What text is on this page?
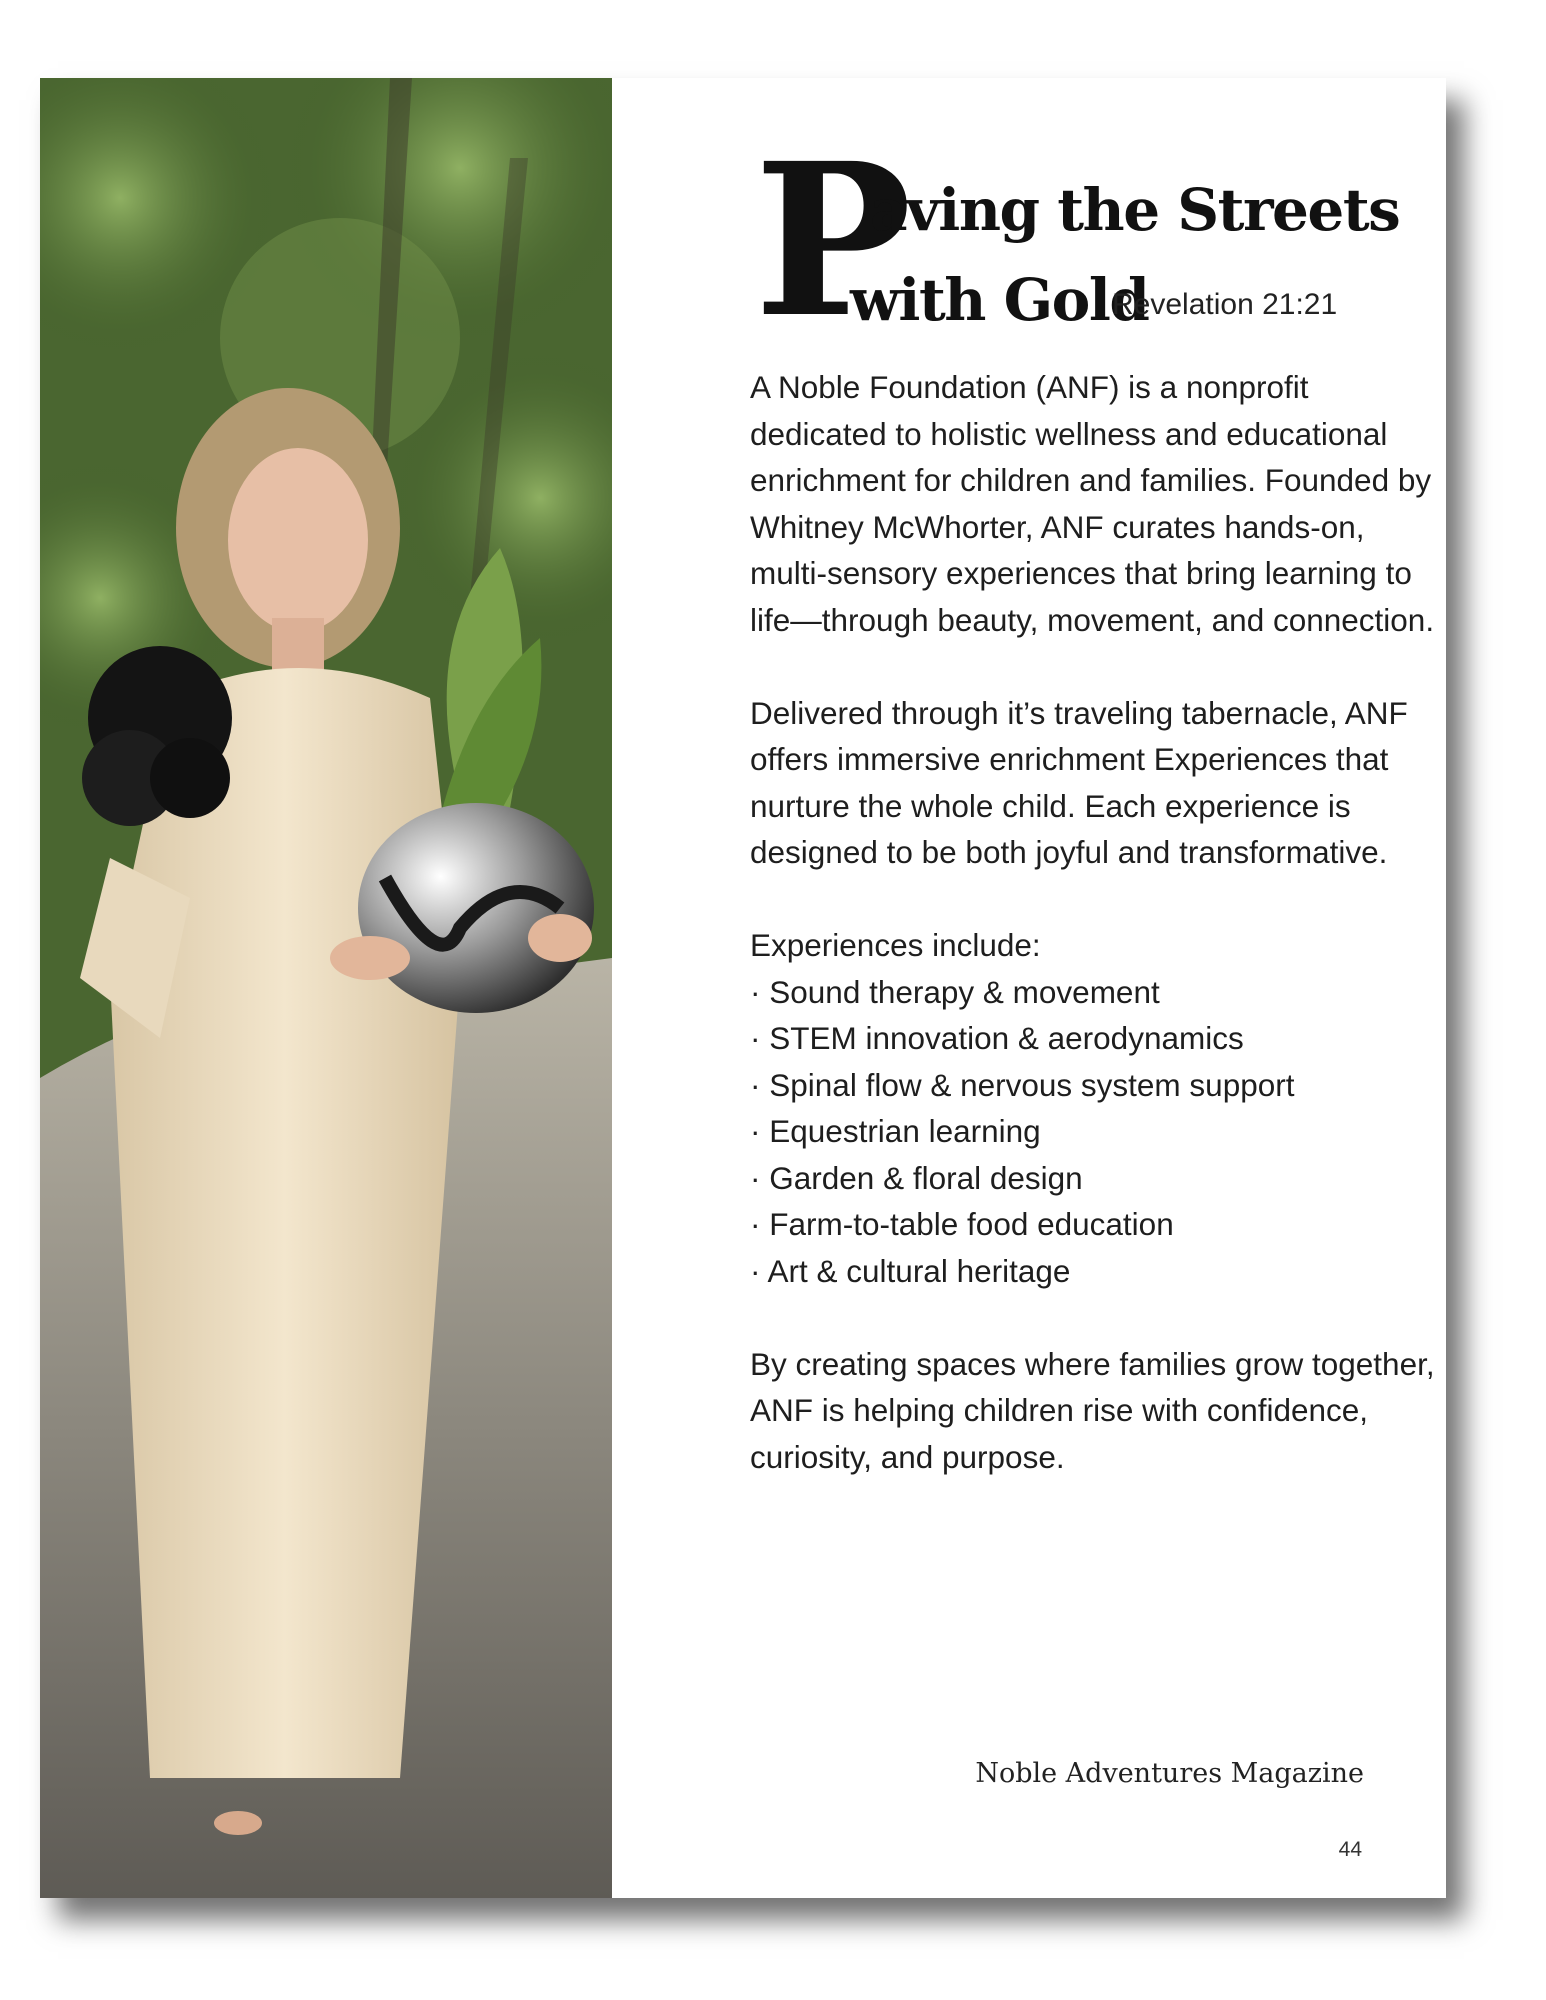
P
aving the Streets
with Gold
Revelation 21:21

A Noble Foundation (ANF) is a nonprofit dedicated to holistic wellness and educational enrichment for children and families. Founded by Whitney McWhorter, ANF curates hands-on, multi-sensory experiences that bring learning to life—through beauty, movement, and connection.

Delivered through it’s traveling tabernacle, ANF offers immersive enrichment Experiences that nurture the whole child. Each experience is designed to be both joyful and transformative.

Experiences include:
· Sound therapy & movement
· STEM innovation & aerodynamics
· Spinal flow & nervous system support
· Equestrian learning
· Garden & floral design
· Farm-to-table food education
· Art & cultural heritage

By creating spaces where families grow together, ANF is helping children rise with confidence, curiosity, and purpose.

Noble Adventures Magazine
44
